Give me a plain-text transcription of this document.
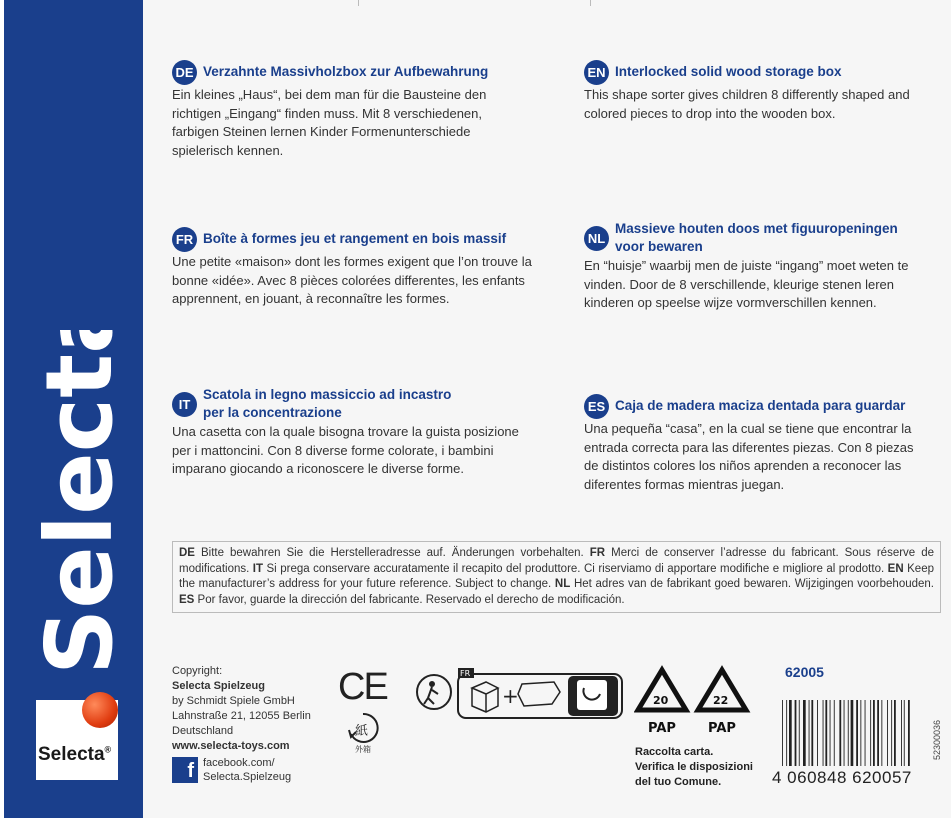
Selecta
Selecta®
DE Verzahnte Massivholzbox zur Aufbewahrung
Ein kleines „Haus“, bei dem man für die Bausteine den richtigen „Eingang“ finden muss. Mit 8 verschiedenen, farbigen Steinen lernen Kinder Formenunterschiede spielerisch kennen.
EN Interlocked solid wood storage box
This shape sorter gives children 8 differently shaped and colored pieces to drop into the wooden box.
FR Boîte à formes jeu et rangement en bois massif
Une petite «maison» dont les formes exigent que l’on trouve la bonne «idée». Avec 8 pièces colorées differentes, les enfants apprennent, en jouant, à reconnaître les formes.
NL
Massieve houten doos met figuuropeningen voor bewaren
En “huisje” waarbij men de juiste “ingang” moet weten te vinden. Door de 8 verschillende, kleurige stenen leren kinderen op speelse wijze vormverschillen kennen.
IT
Scatola in legno massiccio ad incastro per la concentrazione
Una casetta con la quale bisogna trovare la guista posizione per i mattoncini. Con 8 diverse forme colorate, i bambini imparano giocando a riconoscere le diverse forme.
ES Caja de madera maciza dentada para guardar
Una pequeña “casa”, en la cual se tiene que encontrar la entrada correcta para las diferentes piezas. Con 8 piezas de distintos colores los niños aprenden a reconocer las diferentes formas mientras juegan.
DE Bitte bewahren Sie die Herstelleradresse auf. Änderungen vorbehalten. FR Merci de conserver l’adresse du fabricant. Sous réserve de modifications. IT Si prega conservare accuratamente il recapito del produttore. Ci riserviamo di apportare modifiche e migliore al prodotto. EN Keep the manufacturer’s address for your future reference. Subject to change. NL Het adres van de fabrikant goed bewaren. Wijzigingen voorbehouden. ES Por favor, guarde la dirección del fabricante. Reservado el derecho de modificación.
Copyright:
Selecta Spielzeug
by Schmidt Spiele GmbH
Lahnstraße 21, 12055 Berlin
Deutschland
www.selecta-toys.com
f facebook.com/
Selecta.Spielzeug
CE
紙
外箱
FR
+	20	22
PAP PAP
Raccolta carta.
Verifica le disposizioni
del tuo Comune.
62005
4 060848 620057
52300036
